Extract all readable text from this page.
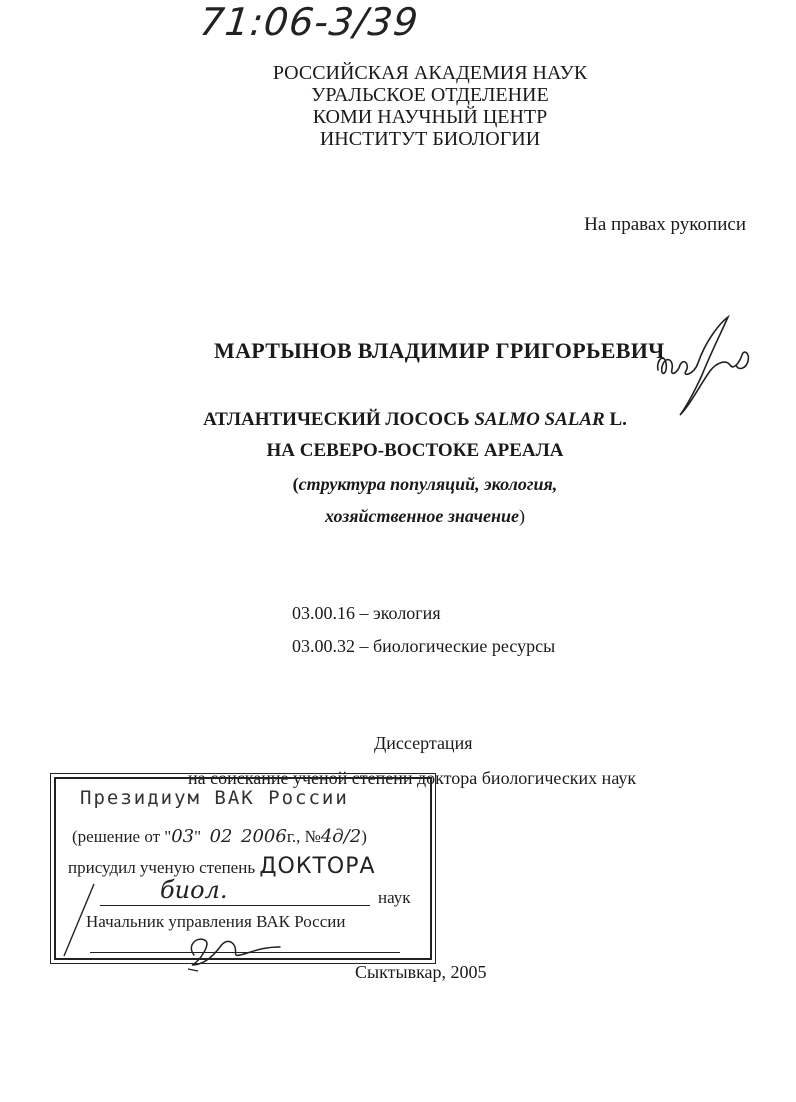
71:06-3/39
РОССИЙСКАЯ АКАДЕМИЯ НАУК
УРАЛЬСКОЕ ОТДЕЛЕНИЕ
КОМИ НАУЧНЫЙ ЦЕНТР
ИНСТИТУТ БИОЛОГИИ
На правах рукописи
МАРТЫНОВ ВЛАДИМИР ГРИГОРЬЕВИЧ
АТЛАНТИЧЕСКИЙ ЛОСОСЬ SALMO SALAR L.
НА СЕВЕРО-ВОСТОКЕ АРЕАЛА
(структура популяций, экология,
хозяйственное значение)
03.00.16 – экология
03.00.32 – биологические ресурсы
Диссертация
на соискание ученой степени доктора биологических наук
Президиум ВАК России
(решение от "03" 02 2006г., №4д/2)
присудил ученую степень ДОКТОРА
биол.	наук
Начальник управления ВАК России
Сыктывкар, 2005
